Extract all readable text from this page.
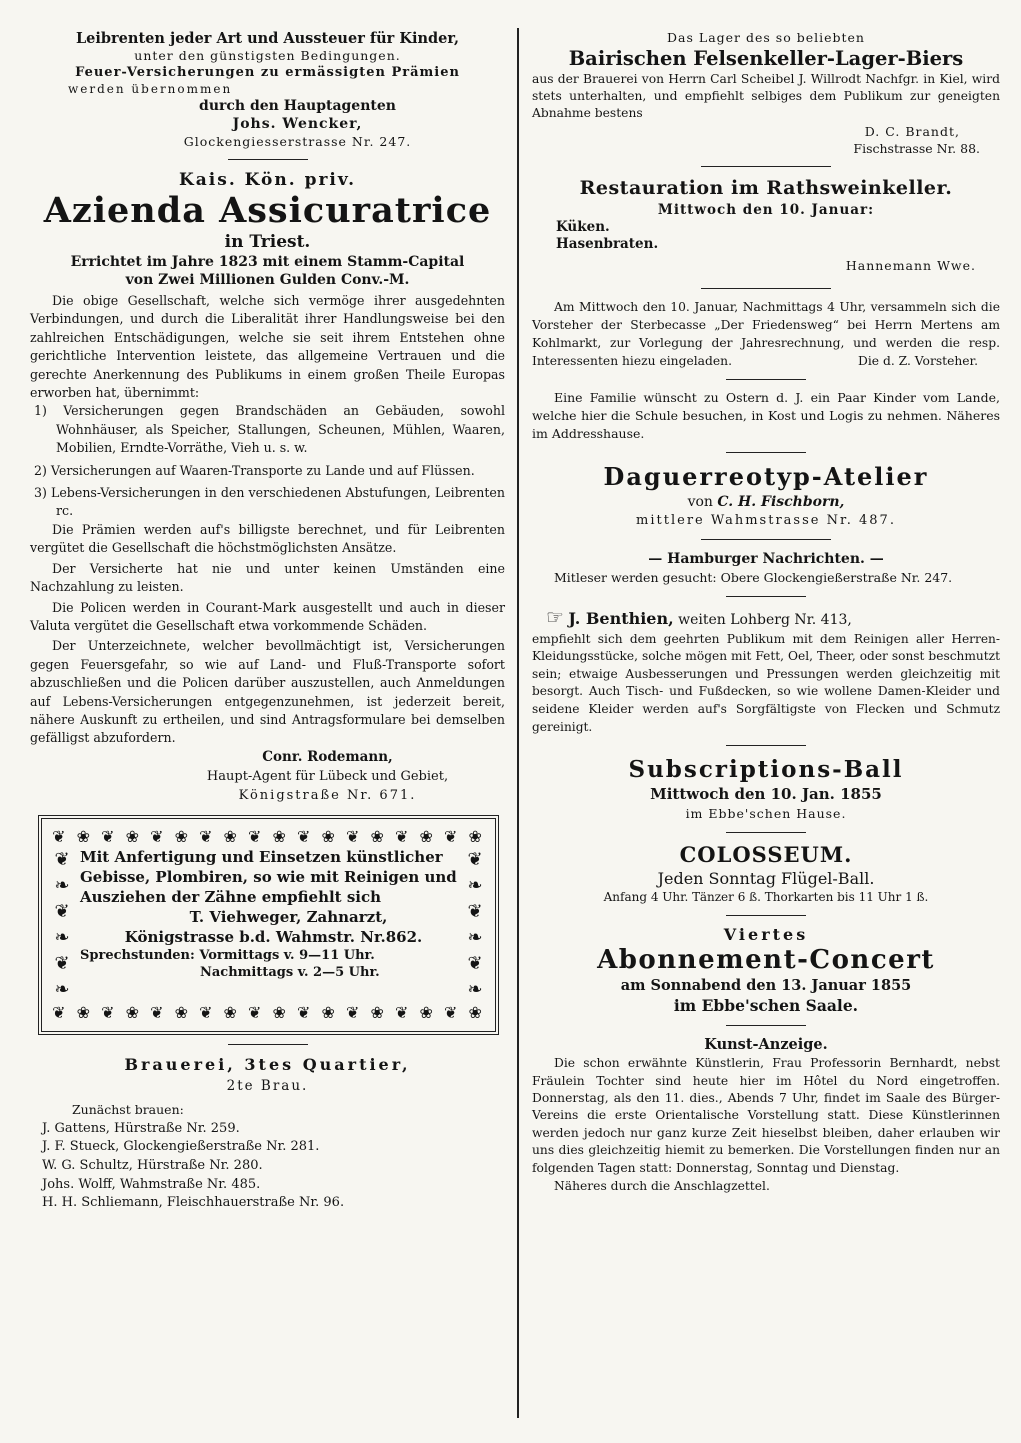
Leibrenten jeder Art und Aussteuer für Kinder,

unter den günstigsten Bedingungen.

Feuer-Versicherungen zu ermässigten Prämien

werden übernommen

durch den Hauptagenten

Johs. Wencker,

Glockengiesserstrasse Nr. 247.

Kais. Kön. priv.

Azienda Assicuratrice

in Triest.

Errichtet im Jahre 1823 mit einem Stamm-Capital

von Zwei Millionen Gulden Conv.-M.

Die obige Gesellschaft, welche sich vermöge ihrer ausgedehnten Verbindungen, und durch die Liberalität ihrer Handlungsweise bei den zahlreichen Entschädigungen, welche sie seit ihrem Entstehen ohne gerichtliche Intervention leistete, das allgemeine Vertrauen und die gerechte Anerkennung des Publikums in einem großen Theile Europas erworben hat, übernimmt:

1) Versicherungen gegen Brandschäden an Gebäuden, sowohl Wohnhäuser, als Speicher, Stallungen, Scheunen, Mühlen, Waaren, Mobilien, Erndte-Vorräthe, Vieh u. s. w.

2) Versicherungen auf Waaren-Transporte zu Lande und auf Flüssen.

3) Lebens-Versicherungen in den verschiedenen Abstufungen, Leibrenten rc.

Die Prämien werden auf's billigste berechnet, und für Leibrenten vergütet die Gesellschaft die höchstmöglichsten Ansätze.

Der Versicherte hat nie und unter keinen Umständen eine Nachzahlung zu leisten.

Die Policen werden in Courant-Mark ausgestellt und auch in dieser Valuta vergütet die Gesellschaft etwa vorkommende Schäden.

Der Unterzeichnete, welcher bevollmächtigt ist, Versicherungen gegen Feuersgefahr, so wie auf Land- und Fluß-Transporte sofort abzuschließen und die Policen darüber auszustellen, auch Anmeldungen auf Lebens-Versicherungen entgegenzunehmen, ist jederzeit bereit, nähere Auskunft zu ertheilen, und sind Antragsformulare bei demselben gefälligst abzufordern.

Conr. Rodemann,

Haupt-Agent für Lübeck und Gebiet,

Königstraße Nr. 671.

❦ ❀ ❦ ❀ ❦ ❀ ❦ ❀ ❦ ❀ ❦ ❀ ❦ ❀ ❦ ❀ ❦ ❀
❦
❧
❦
❧
❦
❧

Mit Anfertigung und Einsetzen künstlicher Gebisse, Plombiren, so wie mit Reinigen und Ausziehen der Zähne empfiehlt sich

T. Viehweger, Zahnarzt,

Königstrasse b.d. Wahmstr. Nr.862.

Sprechstunden: Vormittags v. 9—11 Uhr.

Nachmittags v. 2—5 Uhr.

❦
❧
❦
❧
❦
❧
❦ ❀ ❦ ❀ ❦ ❀ ❦ ❀ ❦ ❀ ❦ ❀ ❦ ❀ ❦ ❀ ❦ ❀

Brauerei, 3tes Quartier,

2te Brau.

Zunächst brauen:

J. Gattens, Hürstraße Nr. 259.

J. F. Stueck, Glockengießerstraße Nr. 281.

W. G. Schultz, Hürstraße Nr. 280.

Johs. Wolff, Wahmstraße Nr. 485.

H. H. Schliemann, Fleischhauerstraße Nr. 96.

Das Lager des so beliebten

Bairischen Felsenkeller-Lager-Biers

aus der Brauerei von Herrn Carl Scheibel J. Willrodt Nachfgr. in Kiel, wird stets unterhalten, und empfiehlt selbiges dem Publikum zur geneigten Abnahme bestens

D. C. Brandt,

Fischstrasse Nr. 88.

Restauration im Rathsweinkeller.

Mittwoch den 10. Januar:

Küken.

Hasenbraten.

Hannemann Wwe.

Am Mittwoch den 10. Januar, Nachmittags 4 Uhr, versammeln sich die Vorsteher der Sterbecasse „Der Friedensweg“ bei Herrn Mertens am Kohlmarkt, zur Vorlegung der Jahresrechnung, und werden die resp. Interessenten hiezu eingeladen.	Die d. Z. Vorsteher.

Eine Familie wünscht zu Ostern d. J. ein Paar Kinder vom Lande, welche hier die Schule besuchen, in Kost und Logis zu nehmen. Näheres im Addresshause.

Daguerreotyp-Atelier

von C. H. Fischborn,

mittlere Wahmstrasse Nr. 487.

— Hamburger Nachrichten. —

Mitleser werden gesucht: Obere Glockengießerstraße Nr. 247.

☞ J. Benthien, weiten Lohberg Nr. 413,

empfiehlt sich dem geehrten Publikum mit dem Reinigen aller Herren-Kleidungsstücke, solche mögen mit Fett, Oel, Theer, oder sonst beschmutzt sein; etwaige Ausbesserungen und Pressungen werden gleichzeitig mit besorgt. Auch Tisch- und Fußdecken, so wie wollene Damen-Kleider und seidene Kleider werden auf's Sorgfältigste von Flecken und Schmutz gereinigt.

Subscriptions-Ball

Mittwoch den 10. Jan. 1855

im Ebbe'schen Hause.

COLOSSEUM.

Jeden Sonntag Flügel-Ball.

Anfang 4 Uhr. Tänzer 6 ß. Thorkarten bis 11 Uhr 1 ß.

Viertes

Abonnement-Concert

am Sonnabend den 13. Januar 1855

im Ebbe'schen Saale.

Kunst-Anzeige.

Die schon erwähnte Künstlerin, Frau Professorin Bernhardt, nebst Fräulein Tochter sind heute hier im Hôtel du Nord eingetroffen. Donnerstag, als den 11. dies., Abends 7 Uhr, findet im Saale des Bürger-Vereins die erste Orientalische Vorstellung statt. Diese Künstlerinnen werden jedoch nur ganz kurze Zeit hieselbst bleiben, daher erlauben wir uns dies gleichzeitig hiemit zu bemerken. Die Vorstellungen finden nur an folgenden Tagen statt: Donnerstag, Sonntag und Dienstag.

Näheres durch die Anschlagzettel.
